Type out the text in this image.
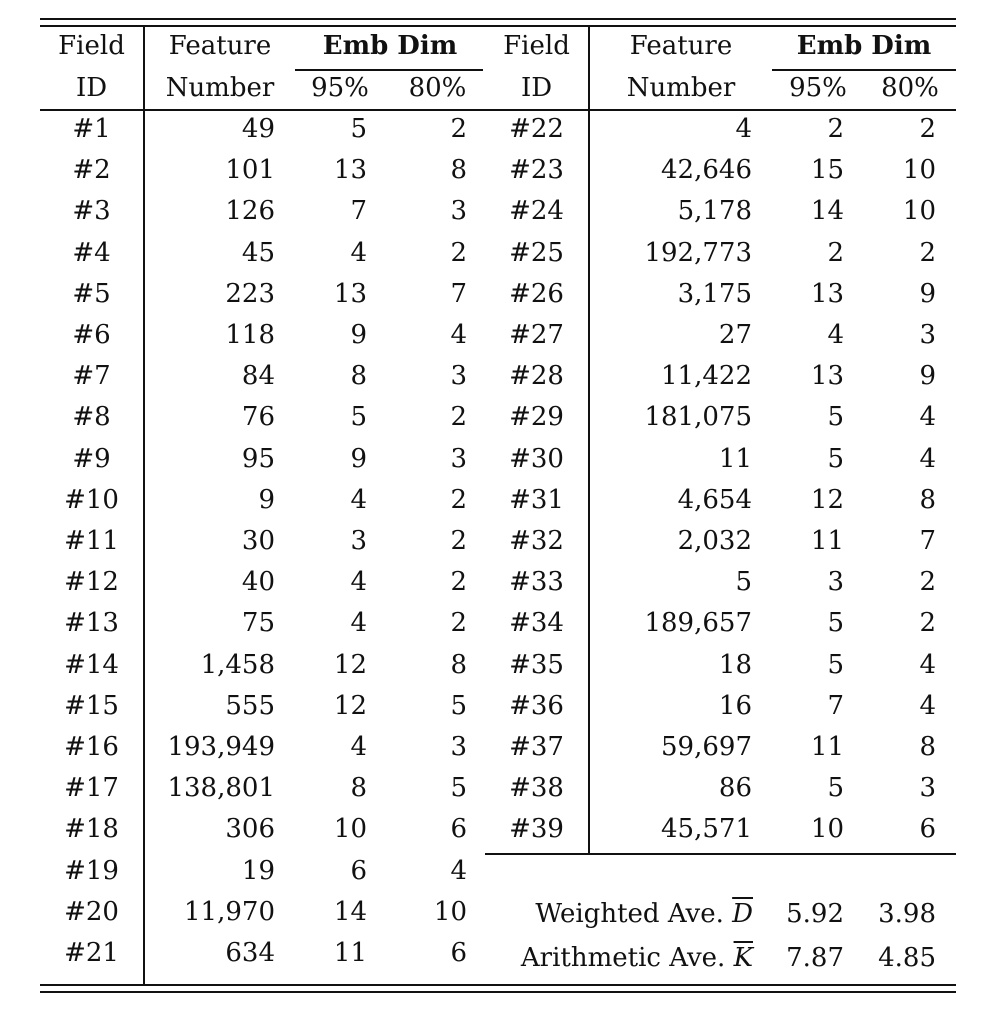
Field	Feature	Emb Dim	Field	Feature	Emb Dim
ID	Number	95%	80%	ID	Number	95%	80%
#1	49	5	2
#2	101	13	8
#3	126	7	3
#4	45	4	2
#5	223	13	7
#6	118	9	4
#7	84	8	3
#8	76	5	2
#9	95	9	3
#10	9	4	2
#11	30	3	2
#12	40	4	2
#13	75	4	2
#14	1,458	12	8
#15	555	12	5
#16	193,949	4	3
#17	138,801	8	5
#18	306	10	6
#19	19	6	4
#20	11,970	14	10
#21	634	11	6
#22	4	2	2
#23	42,646	15	10
#24	5,178	14	10
#25	192,773	2	2
#26	3,175	13	9
#27	27	4	3
#28	11,422	13	9
#29	181,075	5	4
#30	11	5	4
#31	4,654	12	8
#32	2,032	11	7
#33	5	3	2
#34	189,657	5	2
#35	18	5	4
#36	16	7	4
#37	59,697	11	8
#38	86	5	3
#39	45,571	10	6
Weighted Ave. $\overline{D}$	5.92	3.98
Arithmetic Ave. $\overline{K}$	7.87	4.85
